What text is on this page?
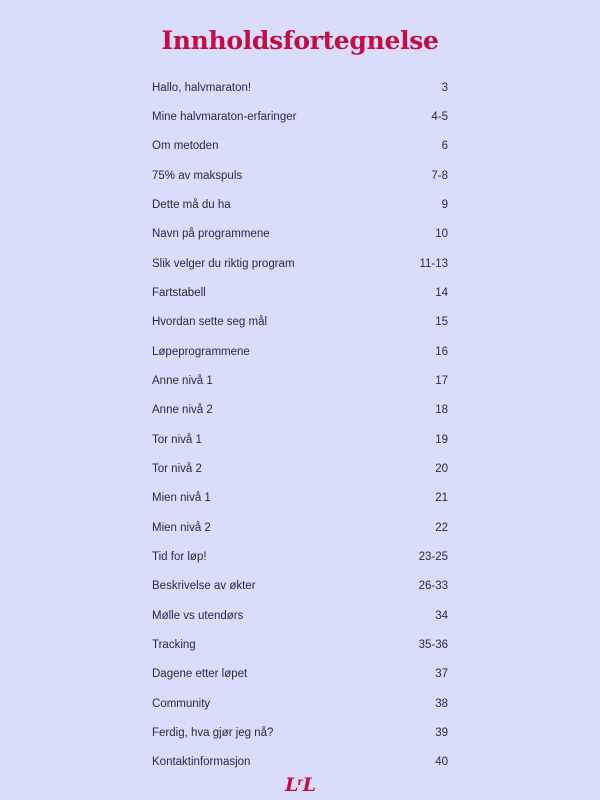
Innholdsfortegnelse
Hallo, halvmaraton!	3
Mine halvmaraton-erfaringer	4-5
Om metoden	6
75% av makspuls	7-8
Dette må du ha	9
Navn på programmene	10
Slik velger du riktig program	11-13
Fartstabell	14
Hvordan sette seg mål	15
Løpeprogrammene	16
Anne nivå 1	17
Anne nivå 2	18
Tor nivå 1	19
Tor nivå 2	20
Mien nivå 1	21
Mien nivå 2	22
Tid for løp!	23-25
Beskrivelse av økter	26-33
Mølle vs utendørs	34
Tracking	35-36
Dagene etter løpet	37
Community	38
Ferdig, hva gjør jeg nå?	39
Kontaktinformasjon	40
$L^rL$
